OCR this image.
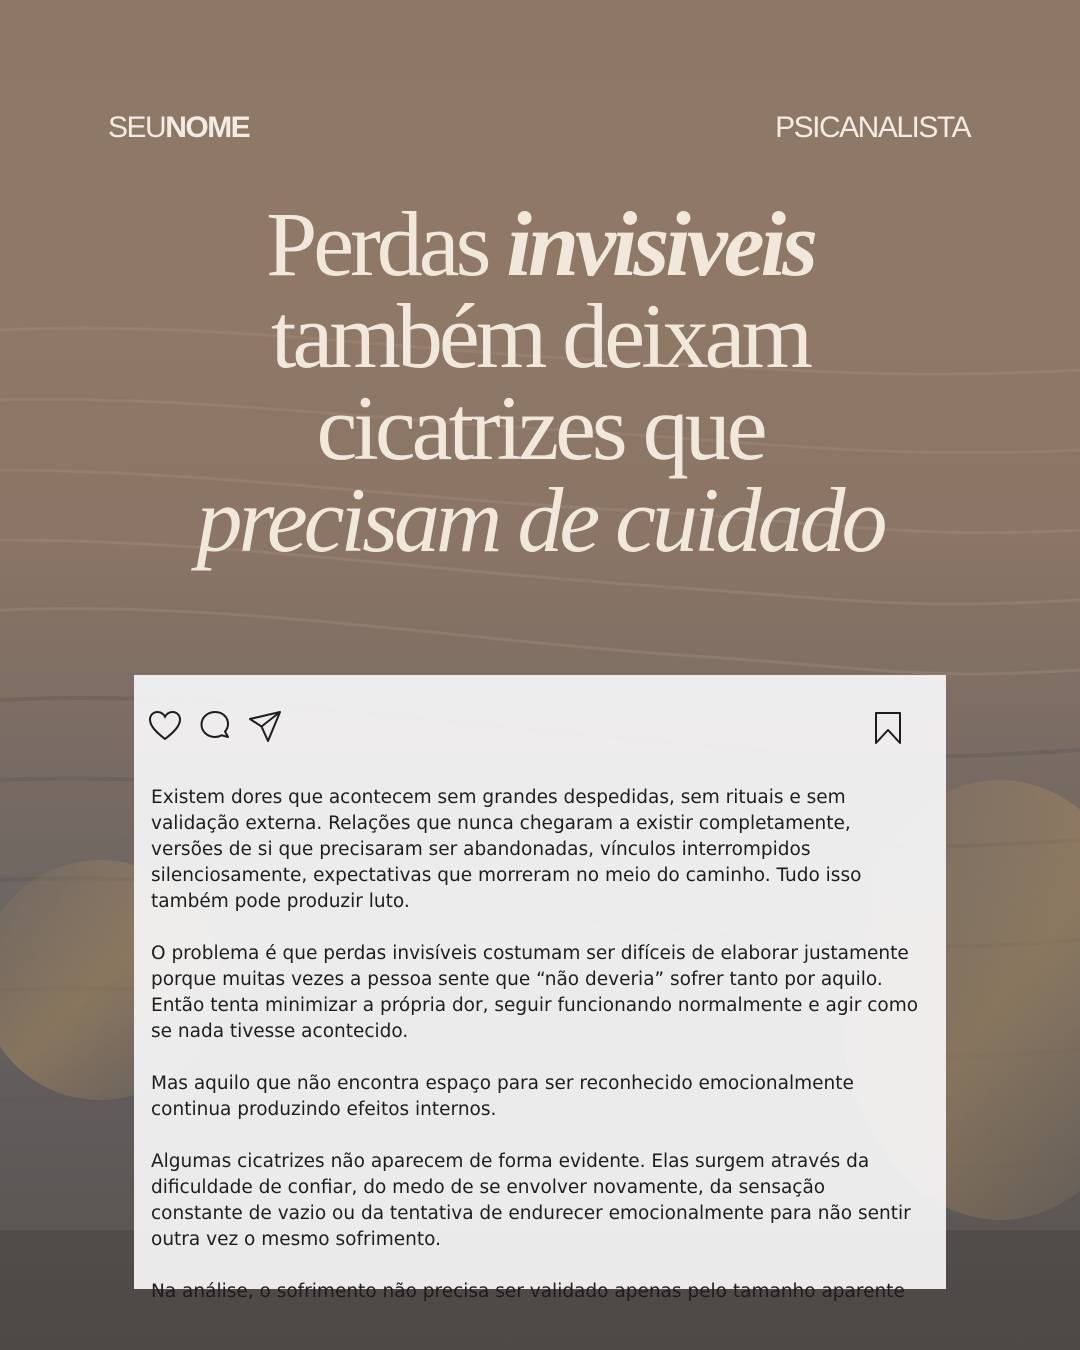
SEUNOME	PSICANALISTA
Perdas invisiveis
também deixam
cicatrizes que
precisam de cuidado

Existem dores que acontecem sem grandes despedidas, sem rituais e sem validação externa. Relações que nunca chegaram a existir completamente, versões de si que precisaram ser abandonadas, vínculos interrompidos silenciosamente, expectativas que morreram no meio do caminho. Tudo isso também pode produzir luto.

O problema é que perdas invisíveis costumam ser difíceis de elaborar justamente porque muitas vezes a pessoa sente que “não deveria” sofrer tanto por aquilo. Então tenta minimizar a própria dor, seguir funcionando normalmente e agir como se nada tivesse acontecido.

Mas aquilo que não encontra espaço para ser reconhecido emocionalmente continua produzindo efeitos internos.

Algumas cicatrizes não aparecem de forma evidente. Elas surgem através da dificuldade de confiar, do medo de se envolver novamente, da sensação constante de vazio ou da tentativa de endurecer emocionalmente para não sentir outra vez o mesmo sofrimento.

Na análise, o sofrimento não precisa ser validado apenas pelo tamanho aparente
